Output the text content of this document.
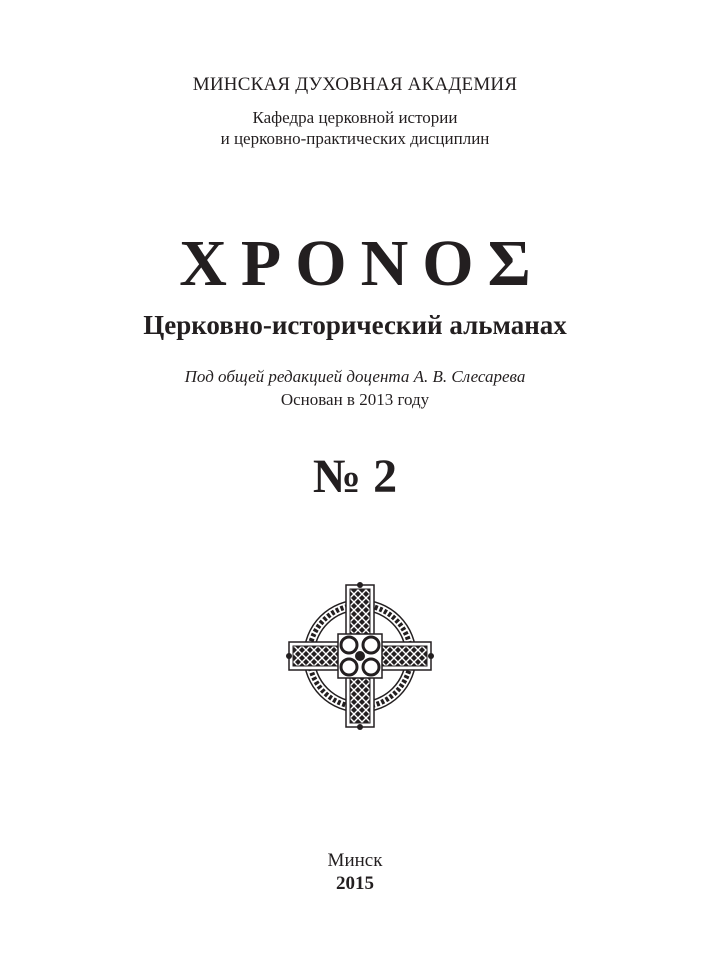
МИНСКАЯ ДУХОВНАЯ АКАДЕМИЯ
Кафедра церковной истории
и церковно-практических дисциплин
ΧΡΟΝΟΣ
Церковно-исторический альманах
Под общей редакцией доцента А. В. Слесарева
Основан в 2013 году
№ 2
Минск
2015
